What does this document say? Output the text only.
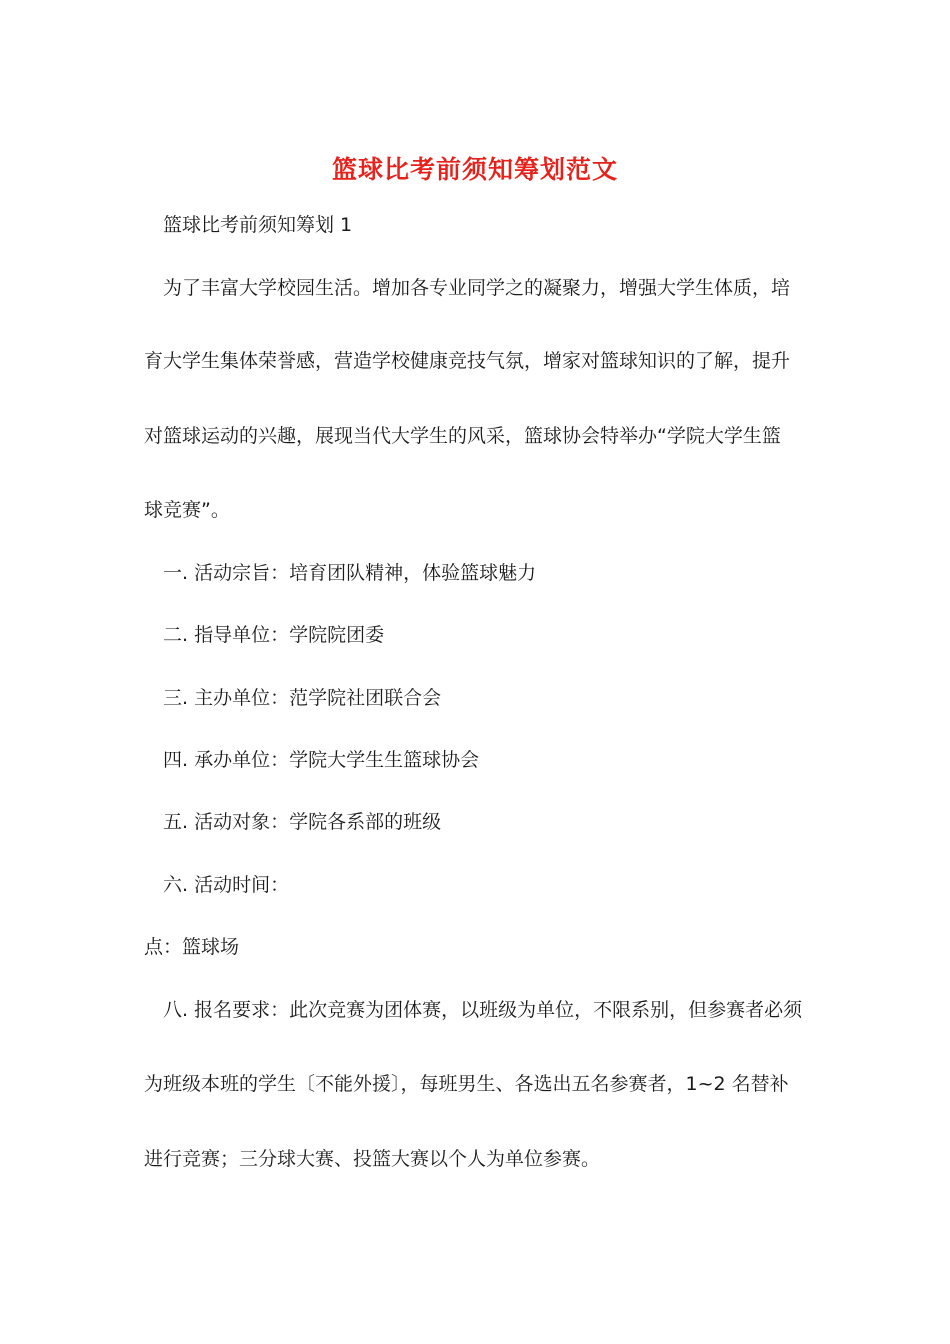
篮球比考前须知筹划范文
篮球比考前须知筹划 1
为了丰富大学校园生活。增加各专业同学之的凝聚力，增强大学生体质，培
育大学生集体荣誉感，营造学校健康竞技气氛，增家对篮球知识的了解，提升
对篮球运动的兴趣，展现当代大学生的风采，篮球协会特举办“学院大学生篮
球竞赛”。
一. 活动宗旨：培育团队精神，体验篮球魅力
二. 指导单位：学院院团委
三. 主办单位：范学院社团联合会
四. 承办单位：学院大学生生篮球协会
五. 活动对象：学院各系部的班级
六. 活动时间：
点：篮球场
八. 报名要求：此次竞赛为团体赛，以班级为单位，不限系别，但参赛者必须
为班级本班的学生〔不能外援〕，每班男生、各选出五名参赛者，1~2 名替补
进行竞赛；三分球大赛、投篮大赛以个人为单位参赛。
